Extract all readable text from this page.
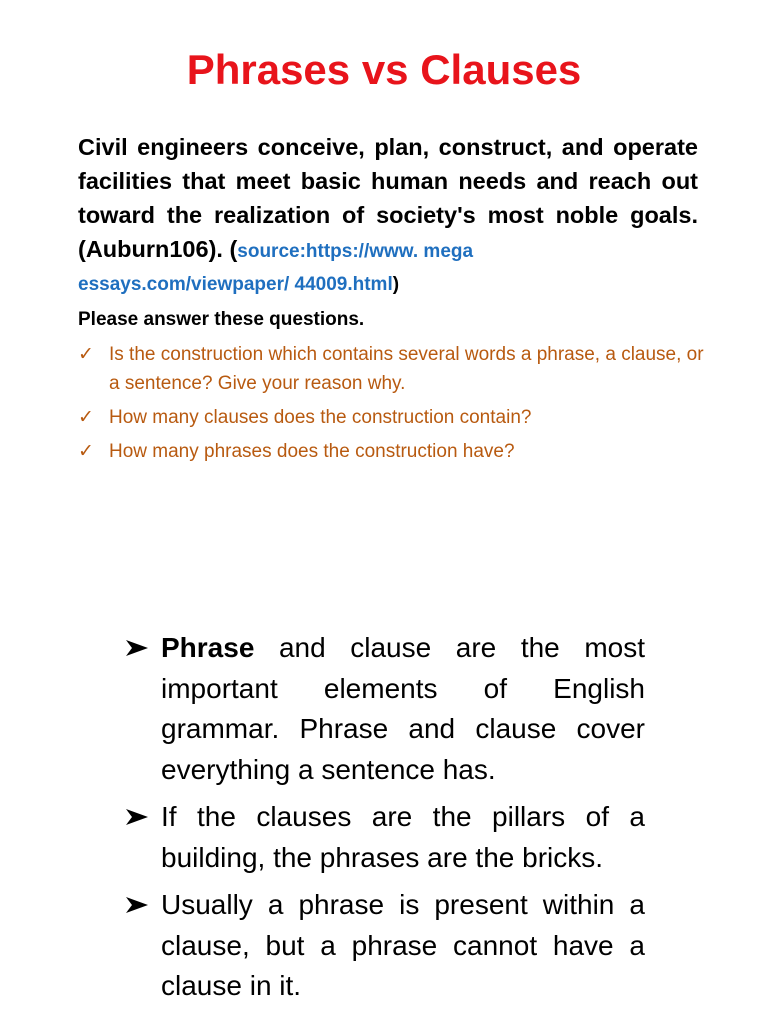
Phrases vs Clauses
Civil engineers conceive, plan, construct, and operate facilities that meet basic human needs and reach out toward the realization of society's most noble goals. (Auburn106). (source:https://www. mega
essays.com/viewpaper/ 44009.html)
Please answer these questions.
✓ Is the construction which contains several words a phrase, a clause, or a sentence? Give your reason why.
✓ How many clauses does the construction contain?
✓ How many phrases does the construction have?
Phrase and clause are the most important elements of English grammar. Phrase and clause cover everything a sentence has.
If the clauses are the pillars of a building, the phrases are the bricks.
Usually a phrase is present within a clause, but a phrase cannot have a clause in it.
